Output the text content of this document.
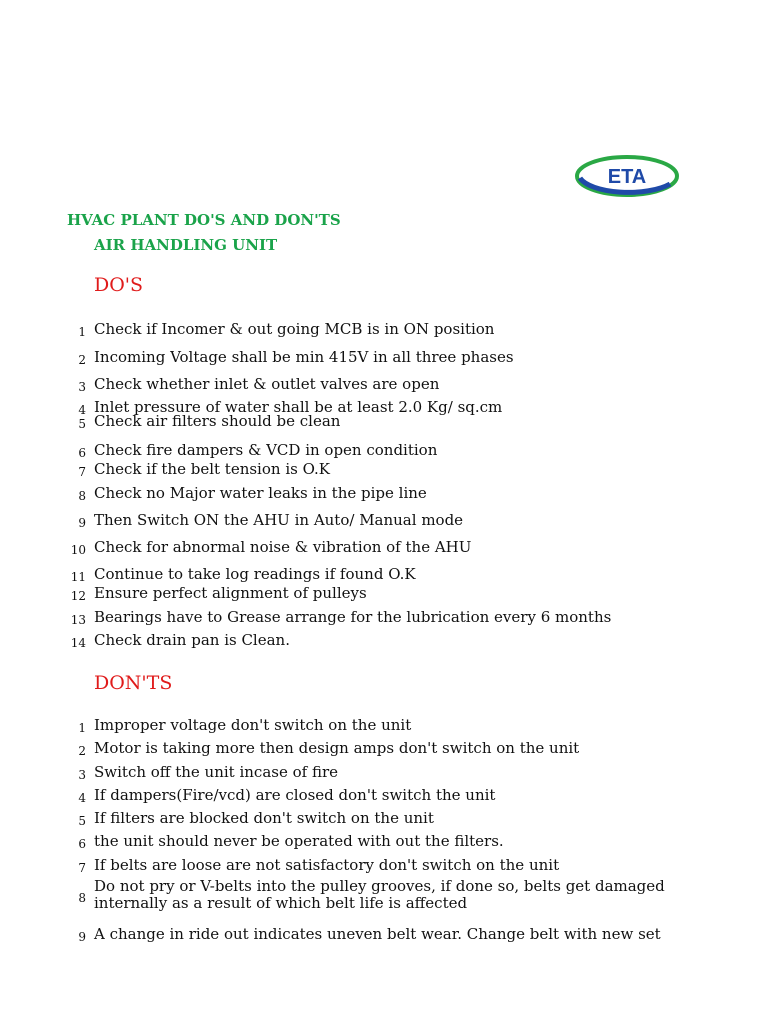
ETA
HVAC PLANT DO'S AND DON'TS
AIR HANDLING UNIT
DO'S
1 Check if Incomer & out going MCB is in ON position
2 Incoming Voltage shall be min 415V in all three phases
3 Check whether inlet & outlet valves are open
5 Check air filters should be clean
4 Inlet pressure of water shall be at least 2.0 Kg/ sq.cm
6 Check fire dampers & VCD in open condition
7 Check if the belt tension is O.K
8 Check no Major water leaks in the pipe line
9 Then Switch ON the AHU in Auto/ Manual mode
10 Check for abnormal noise & vibration of the AHU
11 Continue to take log readings if found O.K
12 Ensure perfect alignment of pulleys
13 Bearings have to Grease arrange for the lubrication every 6 months
14 Check drain pan is Clean.
DON'TS
1 Improper voltage don't switch on the unit
2 Motor is taking more then design amps don't switch on the unit
3 Switch off the unit incase of fire
4 If dampers(Fire/vcd) are closed don't switch the unit
5 If filters are blocked don't switch on the unit
6 the unit should never be operated with out the filters.
7 If belts are loose are not satisfactory don't switch on the unit
8
Do not pry or V-belts into the pulley grooves, if done so, belts get damaged internally as a result of which belt life is affected
9 A change in ride out indicates uneven belt wear. Change belt with new set
